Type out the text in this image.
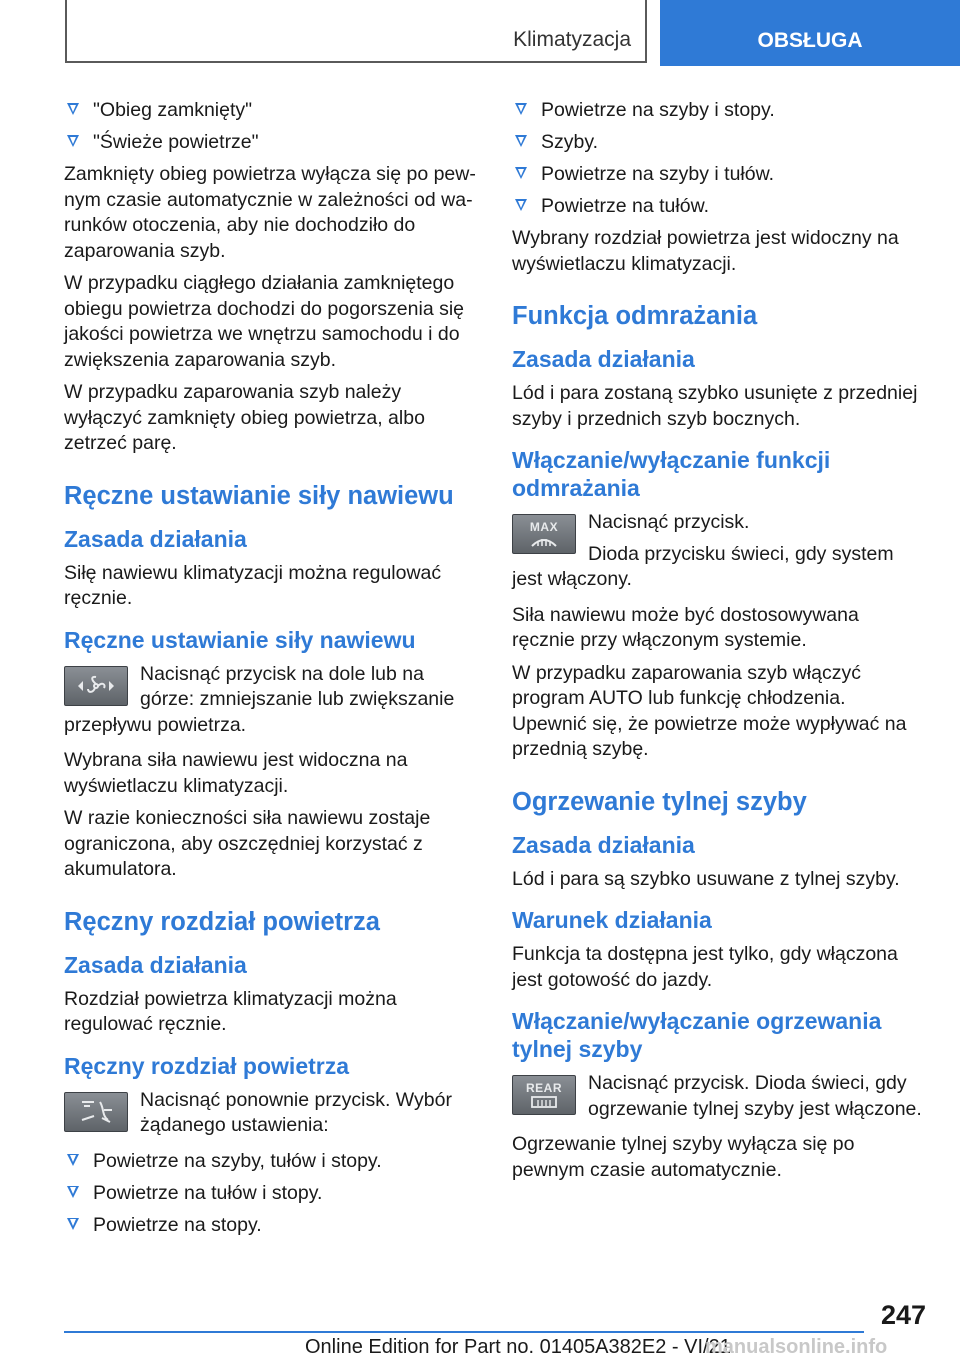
Klimatyzacja	OBSŁUGA
"Obieg zamknięty"
"Świeże powietrze"

Zamknięty obieg powietrza wyłącza się po pewnym czasie automatycznie w zależności od warunków otoczenia, aby nie dochodziło do zaparowania szyb.

W przypadku ciągłego działania zamkniętego obiegu powietrza dochodzi do pogorszenia się jakości powietrza we wnętrzu samochodu i do zwiększenia zaparowania szyb.

W przypadku zaparowania szyb należy wyłączyć zamknięty obieg powietrza, albo zetrzeć parę.

Ręczne ustawianie siły nawiewu
Zasada działania

Siłę nawiewu klimatyzacji można regulować ręcznie.

Ręczne ustawianie siły nawiewu

Nacisnąć przycisk na dole lub na górze: zmniejszanie lub zwiększanie przepływu powietrza.

Wybrana siła nawiewu jest widoczna na wyświetlaczu klimatyzacji.

W razie konieczności siła nawiewu zostaje ograniczona, aby oszczędniej korzystać z akumulatora.

Ręczny rozdział powietrza
Zasada działania

Rozdział powietrza klimatyzacji można regulować ręcznie.

Ręczny rozdział powietrza

Nacisnąć ponownie przycisk. Wybór żądanego ustawienia:

Powietrze na szyby, tułów i stopy.
Powietrze na tułów i stopy.
Powietrze na stopy.
Powietrze na szyby i stopy.
Szyby.
Powietrze na szyby i tułów.
Powietrze na tułów.

Wybrany rozdział powietrza jest widoczny na wyświetlaczu klimatyzacji.

Funkcja odmrażania
Zasada działania

Lód i para zostaną szybko usunięte z przedniej szyby i przednich szyb bocznych.

Włączanie/wyłączanie funkcji odmrażania
MAX	Nacisnąć przycisk.

Dioda przycisku świeci, gdy system jest włączony.

Siła nawiewu może być dostosowywana ręcznie przy włączonym systemie.

W przypadku zaparowania szyb włączyć program AUTO lub funkcję chłodzenia. Upewnić się, że powietrze może wypływać na przednią szybę.

Ogrzewanie tylnej szyby
Zasada działania

Lód i para są szybko usuwane z tylnej szyby.

Warunek działania

Funkcja ta dostępna jest tylko, gdy włączona jest gotowość do jazdy.

Włączanie/wyłączanie ogrzewania tylnej szyby
REAR	Nacisnąć przycisk. Dioda świeci, gdy ogrzewanie tylnej szyby jest włączone.

Ogrzewanie tylnej szyby wyłącza się po pewnym czasie automatycznie.

247
Online Edition for Part no. 01405A382E2 - VI/21
manualsonline.info
